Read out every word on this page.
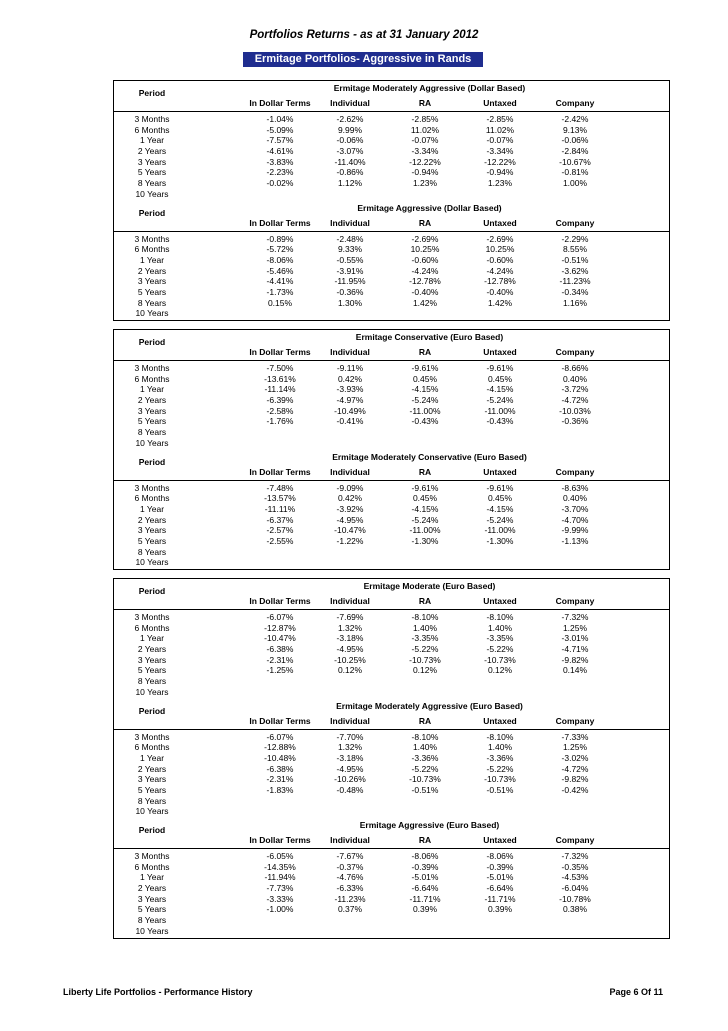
Portfolios Returns - as at 31 January 2012
Ermitage Portfolios- Aggressive in Rands
Period	Ermitage Moderately Aggressive (Dollar Based)
In Dollar Terms	Individual	RA	Untaxed	Company
3 Months	-1.04%	-2.62%	-2.85%	-2.85%	-2.42%
6 Months	-5.09%	9.99%	11.02%	11.02%	9.13%
1 Year	-7.57%	-0.06%	-0.07%	-0.07%	-0.06%
2 Years	-4.61%	-3.07%	-3.34%	-3.34%	-2.84%
3 Years	-3.83%	-11.40%	-12.22%	-12.22%	-10.67%
5 Years	-2.23%	-0.86%	-0.94%	-0.94%	-0.81%
8 Years	-0.02%	1.12%	1.23%	1.23%	1.00%
10 Years
Period	Ermitage Aggressive (Dollar Based)
In Dollar Terms	Individual	RA	Untaxed	Company
3 Months	-0.89%	-2.48%	-2.69%	-2.69%	-2.29%
6 Months	-5.72%	9.33%	10.25%	10.25%	8.55%
1 Year	-8.06%	-0.55%	-0.60%	-0.60%	-0.51%
2 Years	-5.46%	-3.91%	-4.24%	-4.24%	-3.62%
3 Years	-4.41%	-11.95%	-12.78%	-12.78%	-11.23%
5 Years	-1.73%	-0.36%	-0.40%	-0.40%	-0.34%
8 Years	0.15%	1.30%	1.42%	1.42%	1.16%
10 Years
Period	Ermitage Conservative (Euro Based)
In Dollar Terms	Individual	RA	Untaxed	Company
3 Months	-7.50%	-9.11%	-9.61%	-9.61%	-8.66%
6 Months	-13.61%	0.42%	0.45%	0.45%	0.40%
1 Year	-11.14%	-3.93%	-4.15%	-4.15%	-3.72%
2 Years	-6.39%	-4.97%	-5.24%	-5.24%	-4.72%
3 Years	-2.58%	-10.49%	-11.00%	-11.00%	-10.03%
5 Years	-1.76%	-0.41%	-0.43%	-0.43%	-0.36%
8 Years
10 Years
Period	Ermitage Moderately Conservative (Euro Based)
In Dollar Terms	Individual	RA	Untaxed	Company
3 Months	-7.48%	-9.09%	-9.61%	-9.61%	-8.63%
6 Months	-13.57%	0.42%	0.45%	0.45%	0.40%
1 Year	-11.11%	-3.92%	-4.15%	-4.15%	-3.70%
2 Years	-6.37%	-4.95%	-5.24%	-5.24%	-4.70%
3 Years	-2.57%	-10.47%	-11.00%	-11.00%	-9.99%
5 Years	-2.55%	-1.22%	-1.30%	-1.30%	-1.13%
8 Years
10 Years
Period	Ermitage Moderate (Euro Based)
In Dollar Terms	Individual	RA	Untaxed	Company
3 Months	-6.07%	-7.69%	-8.10%	-8.10%	-7.32%
6 Months	-12.87%	1.32%	1.40%	1.40%	1.25%
1 Year	-10.47%	-3.18%	-3.35%	-3.35%	-3.01%
2 Years	-6.38%	-4.95%	-5.22%	-5.22%	-4.71%
3 Years	-2.31%	-10.25%	-10.73%	-10.73%	-9.82%
5 Years	-1.25%	0.12%	0.12%	0.12%	0.14%
8 Years
10 Years
Period	Ermitage Moderately Aggressive (Euro Based)
In Dollar Terms	Individual	RA	Untaxed	Company
3 Months	-6.07%	-7.70%	-8.10%	-8.10%	-7.33%
6 Months	-12.88%	1.32%	1.40%	1.40%	1.25%
1 Year	-10.48%	-3.18%	-3.36%	-3.36%	-3.02%
2 Years	-6.38%	-4.95%	-5.22%	-5.22%	-4.72%
3 Years	-2.31%	-10.26%	-10.73%	-10.73%	-9.82%
5 Years	-1.83%	-0.48%	-0.51%	-0.51%	-0.42%
8 Years
10 Years
Period	Ermitage Aggressive (Euro Based)
In Dollar Terms	Individual	RA	Untaxed	Company
3 Months	-6.05%	-7.67%	-8.06%	-8.06%	-7.32%
6 Months	-14.35%	-0.37%	-0.39%	-0.39%	-0.35%
1 Year	-11.94%	-4.76%	-5.01%	-5.01%	-4.53%
2 Years	-7.73%	-6.33%	-6.64%	-6.64%	-6.04%
3 Years	-3.33%	-11.23%	-11.71%	-11.71%	-10.78%
5 Years	-1.00%	0.37%	0.39%	0.39%	0.38%
8 Years
10 Years
Liberty Life Portfolios - Performance History	Page 6 Of 11
